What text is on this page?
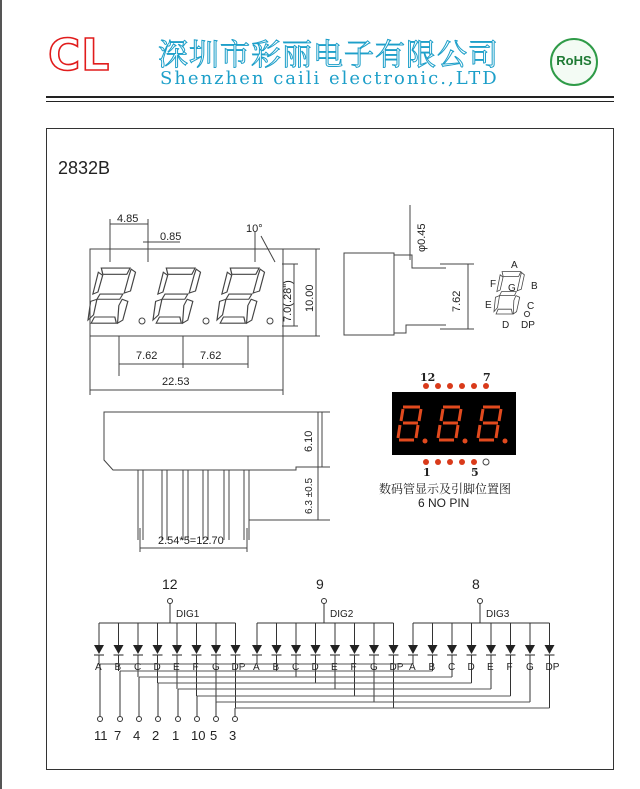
CL 深圳市彩丽电子有限公司
Shenzhen caili electronic.,LTD
RoHS
2832B
4.85
0.85
10°
7.0(.28") 10.00
7.62	7.62
22.53
φ0.45
7.62
A
B
C
D
E
F G
DP
12	7
1	5
6.10
6.3 ±0.5
2.54*5=12.70
12
DIG1
A B C D E F G DP
9
DIG2
A B C D E F G DP
8
DIG3
A B C D E F G DP
11 7 4 2 1 10 5 3
数码管显示及引脚位置图
6 NO PIN
